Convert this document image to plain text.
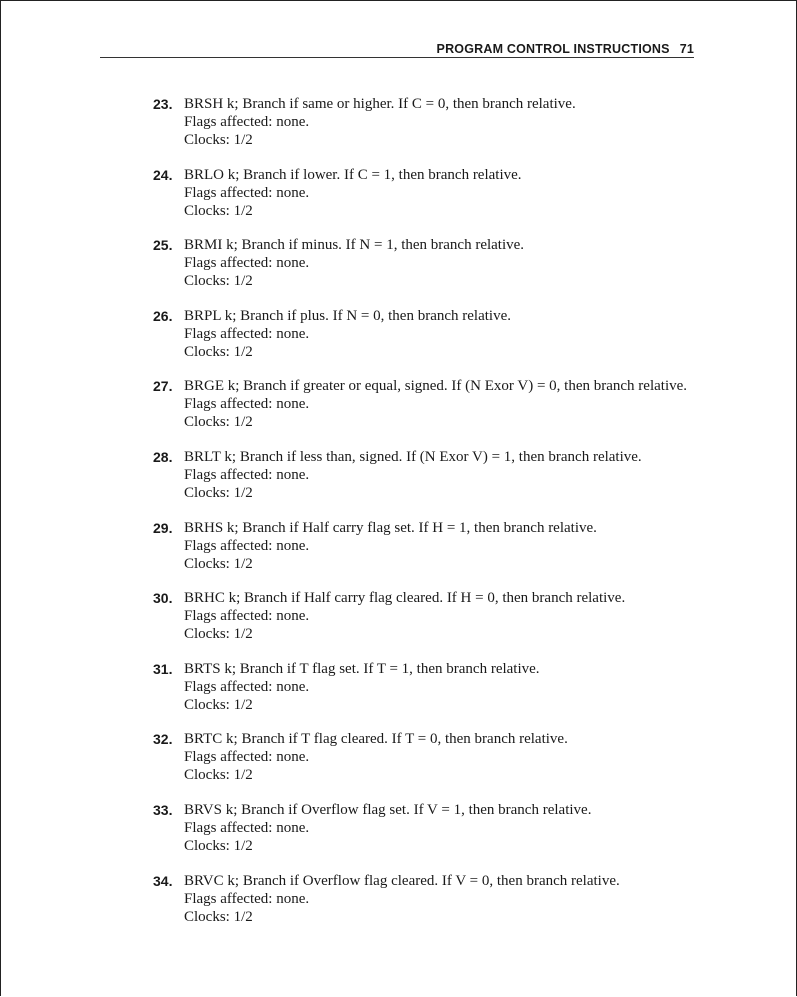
PROGRAM CONTROL INSTRUCTIONS 71
23. BRSH k; Branch if same or higher. If C = 0, then branch relative.
Flags affected: none.
Clocks: 1/2
24. BRLO k; Branch if lower. If C = 1, then branch relative.
Flags affected: none.
Clocks: 1/2
25. BRMI k; Branch if minus. If N = 1, then branch relative.
Flags affected: none.
Clocks: 1/2
26. BRPL k; Branch if plus. If N = 0, then branch relative.
Flags affected: none.
Clocks: 1/2
27. BRGE k; Branch if greater or equal, signed. If (N Exor V) = 0, then branch relative.
Flags affected: none.
Clocks: 1/2
28. BRLT k; Branch if less than, signed. If (N Exor V) = 1, then branch relative.
Flags affected: none.
Clocks: 1/2
29. BRHS k; Branch if Half carry flag set. If H = 1, then branch relative.
Flags affected: none.
Clocks: 1/2
30. BRHC k; Branch if Half carry flag cleared. If H = 0, then branch relative.
Flags affected: none.
Clocks: 1/2
31. BRTS k; Branch if T flag set. If T = 1, then branch relative.
Flags affected: none.
Clocks: 1/2
32. BRTC k; Branch if T flag cleared. If T = 0, then branch relative.
Flags affected: none.
Clocks: 1/2
33. BRVS k; Branch if Overflow flag set. If V = 1, then branch relative.
Flags affected: none.
Clocks: 1/2
34. BRVC k; Branch if Overflow flag cleared. If V = 0, then branch relative.
Flags affected: none.
Clocks: 1/2
